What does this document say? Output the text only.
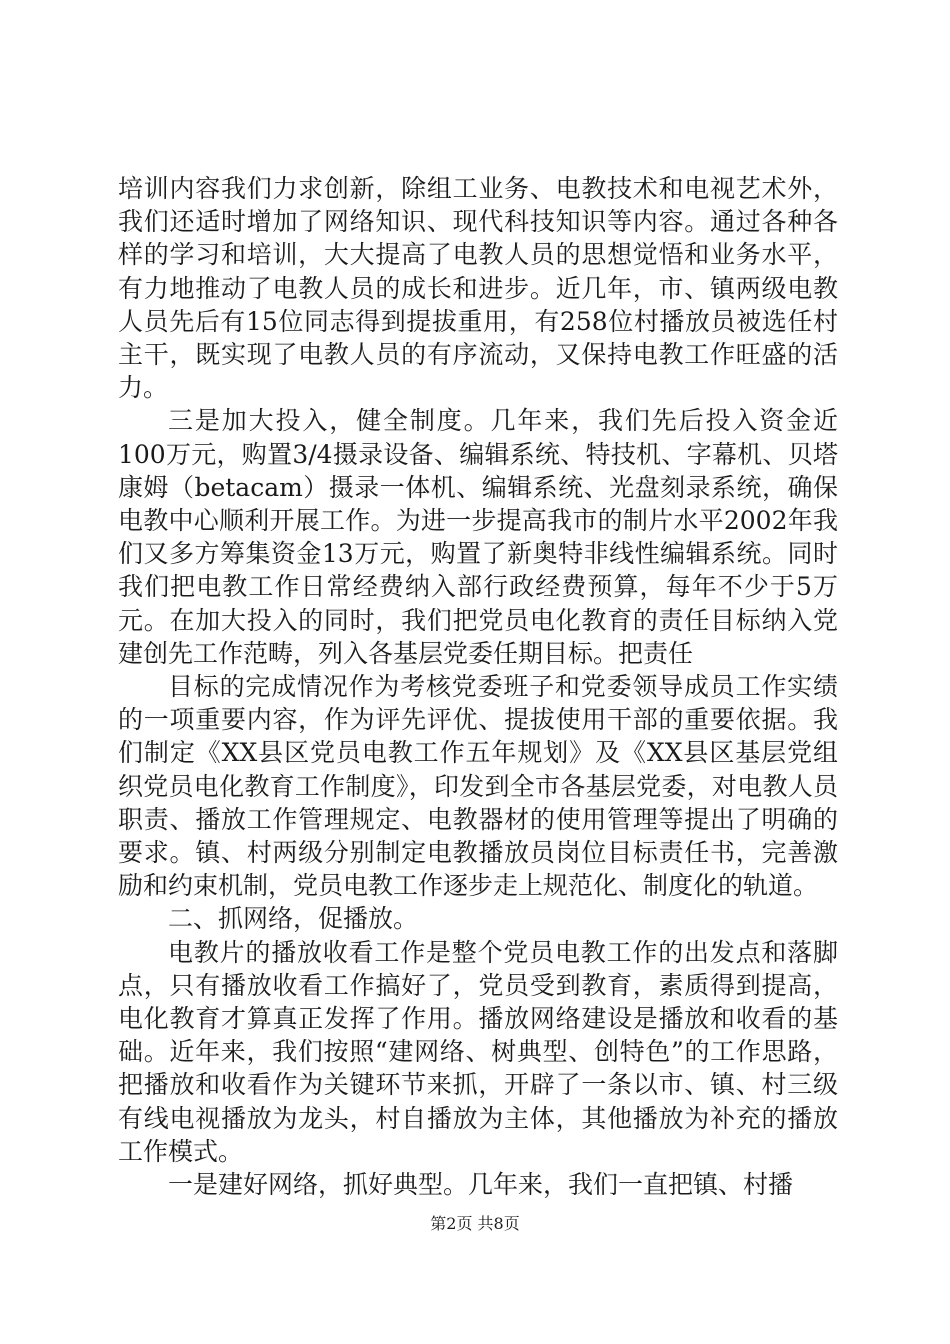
培训内容我们力求创新，除组工业务、电教技术和电视艺术外，我们还适时增加了网络知识、现代科技知识等内容。通过各种各样的学习和培训，大大提高了电教人员的思想觉悟和业务水平，有力地推动了电教人员的成长和进步。近几年，市、镇两级电教人员先后有15位同志得到提拔重用，有258位村播放员被选任村主干，既实现了电教人员的有序流动，又保持电教工作旺盛的活力。

三是加大投入，健全制度。几年来，我们先后投入资金近100万元，购置3/4摄录设备、编辑系统、特技机、字幕机、贝塔康姆（betacam）摄录一体机、编辑系统、光盘刻录系统，确保电教中心顺利开展工作。为进一步提高我市的制片水平2002年我们又多方筹集资金13万元，购置了新奥特非线性编辑系统。同时我们把电教工作日常经费纳入部行政经费预算，每年不少于5万元。在加大投入的同时，我们把党员电化教育的责任目标纳入党建创先工作范畴，列入各基层党委任期目标。把责任

目标的完成情况作为考核党委班子和党委领导成员工作实绩的一项重要内容，作为评先评优、提拔使用干部的重要依据。我们制定《XX县区党员电教工作五年规划》及《XX县区基层党组织党员电化教育工作制度》，印发到全市各基层党委，对电教人员职责、播放工作管理规定、电教器材的使用管理等提出了明确的要求。镇、村两级分别制定电教播放员岗位目标责任书，完善激励和约束机制，党员电教工作逐步走上规范化、制度化的轨道。

二、抓网络，促播放。

电教片的播放收看工作是整个党员电教工作的出发点和落脚点，只有播放收看工作搞好了，党员受到教育，素质得到提高，电化教育才算真正发挥了作用。播放网络建设是播放和收看的基础。近年来，我们按照“建网络、树典型、创特色”的工作思路，把播放和收看作为关键环节来抓，开辟了一条以市、镇、村三级有线电视播放为龙头，村自播放为主体，其他播放为补充的播放工作模式。

一是建好网络，抓好典型。几年来，我们一直把镇、村播

第2页 共8页
